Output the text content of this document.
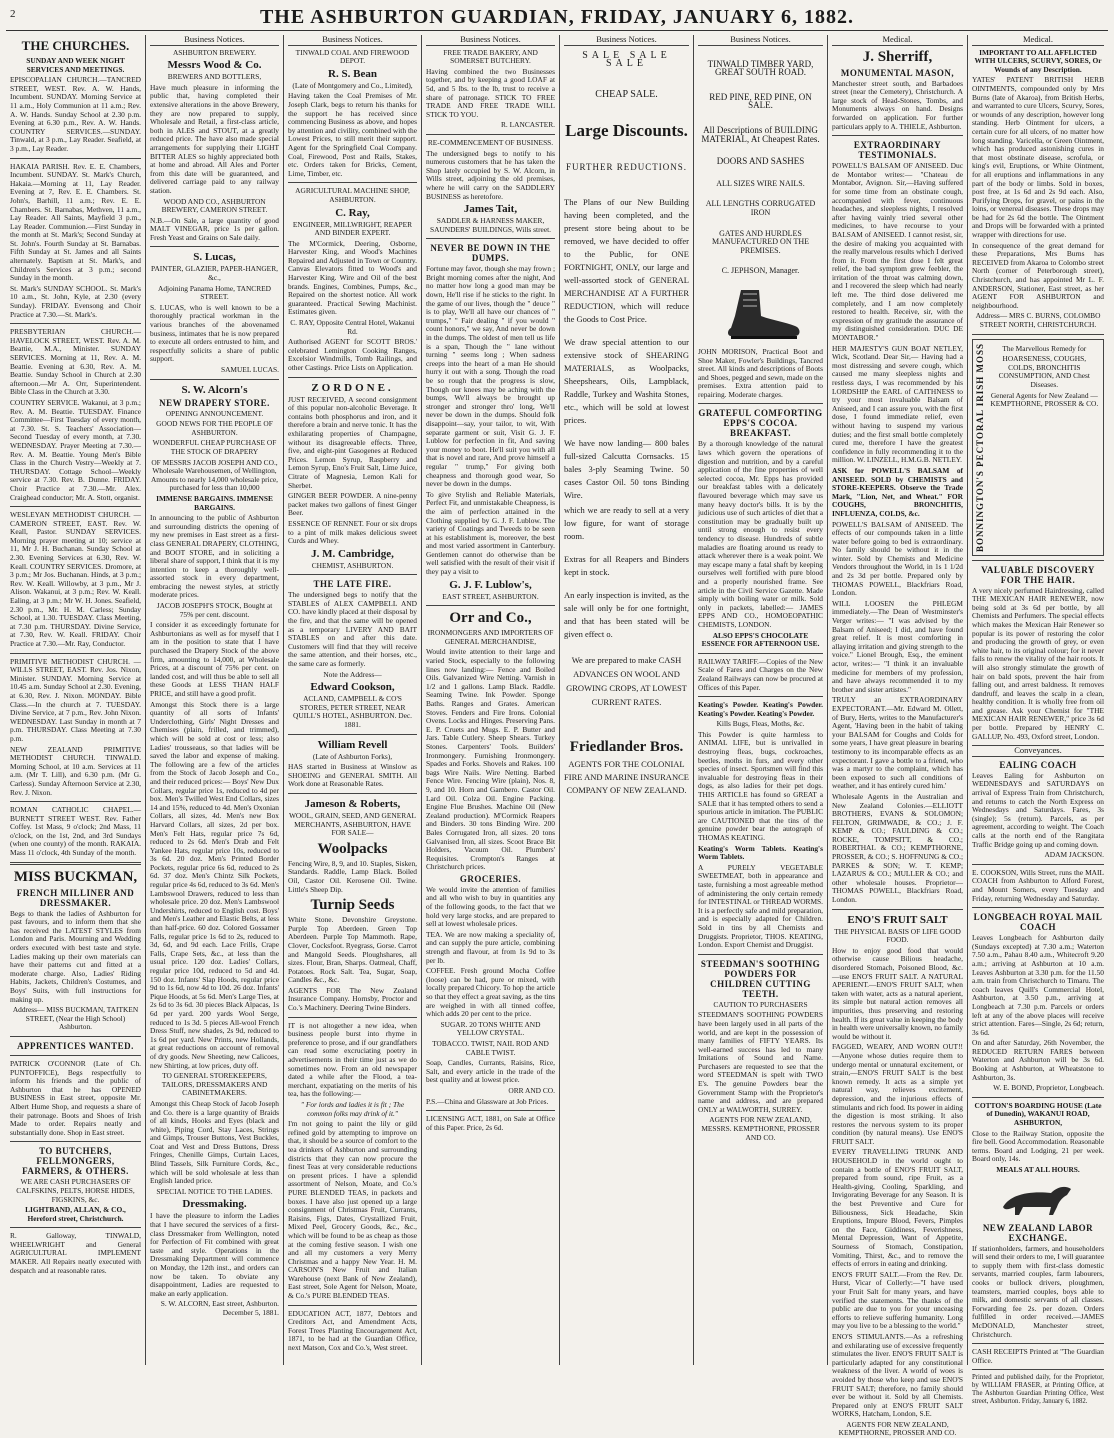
2	THE ASHBURTON GUARDIAN, FRIDAY, JANUARY 6, 1882.
THE CHURCHES.
SUNDAY AND WEEK NIGHT SERVICES AND MEETINGS.
EPISCOPALIAN CHURCH.—TANCRED STREET, WEST. Rev. A. W. Hands, Incumbent. SUNDAY. Morning Service at 11 a.m., Holy Communion at 11 a.m.; Rev. A. W. Hands. Sunday School at 2.30 p.m. Evening at 6.30 p.m., Rev. A. W. Hands. COUNTRY SERVICES.—SUNDAY. Tinwald, at 3 p.m., Lay Reader. Seafield, at 3 p.m., Lay Reader.
HAKAIA PARISH. Rev. E. E. Chambers, Incumbent. SUNDAY. St. Mark's Church, Hakaia.—Morning at 11, Lay Reader. Evening at 7, Rev. E. E. Chambers. St. John's, Barhill, 11 a.m.; Rev. E. E. Chambers. St. Barnabas, Methven, 11 a.m., Lay Reader. All Saints, Mayfield 3 p.m., Lay Reader. Communion.—First Sunday in the month at St. Mark's; Second Sunday at St. John's. Fourth Sunday at St. Barnabas. Fifth Sunday at St. James and all Saints alternately. Baptism at St. Mark's, and Children's Services at 3 p.m.; second Sunday in the month.
St. Mark's SUNDAY SCHOOL. St. Mark's 10 a.m., St. John, Kyle, at 2.30 (every Sunday). FRIDAY. Evensong and Choir Practice at 7.30.—St. Mark's.
PRESBYTERIAN CHURCH.—HAVELOCK STREET, WEST. Rev. A. M. Beattie, M.A., Minister. SUNDAY SERVICES. Morning at 11, Rev. A. M. Beattie. Evening at 6.30, Rev. A. M. Beattie. Sunday School in Church at 2.30 afternoon.—Mr A. Orr, Superintendent. Bible Class in the Church at 3.30.
COUNTRY SERVICE. Wakanui, at 3 p.m.; Rev. A. M. Beattie. TUESDAY. Finance Committee—First Tuesday of every month, at 7.30. St. S. Teachers' Association—Second Tuesday of every month, at 7.30. WEDNESDAY. Prayer Meeting at 7.30.—Rev. A. M. Beattie. Young Men's Bible Class in the Church Vestry—Weekly at 7. THURSDAY. Cottage School—Weekly service at 7.30. Rev. B. Dunne. FRIDAY. Choir Practice at 7.30.—Mr. Alex. Craighead conductor; Mr. A. Stott, organist.
WESLEYAN METHODIST CHURCH. —CAMERON STREET, EAST. Rev. W. Keall, Pastor. SUNDAY SERVICES. Morning prayer meeting at 10; service at 11, Mr J. H. Buchanan. Sunday School at 2.30. Evening Services at 6.30, Rev. W. Keall. COUNTRY SERVICES. Dromore, at 3 p.m.; Mr Jos. Buchanan. Hinds, at 3 p.m.; Rev. W. Keall. Willowby, at 3 p.m., Mr J. Alison. Wakanui, at 3 p.m.; Rev. W. Keall. Ealing, at 3 p.m.; Mr W. H. Jones. Seafield, 2.30 p.m., Mr. H. M. Carless; Sunday School, at 1.30. TUESDAY. Class Meeting, at 7.30 p.m. THURSDAY. Divine Service, at 7.30, Rev. W. Keall. FRIDAY. Choir Practice at 7.30.—Mr. Ray, Conductor.
PRIMITIVE METHODIST CHURCH. —WILLS STREET, EAST. Rev. Jos. Nixon, Minister. SUNDAY. Morning Service at 10.45 a.m. Sunday School at 2.30. Evening, at 6.30, Rev. J. Nixon. MONDAY. Bible Class.—In the church at 7. TUESDAY. Divine Service, at 7 p.m., Rev. John Nixon. WEDNESDAY. Last Sunday in month at 7 p.m. THURSDAY. Class Meeting at 7.30 p.m.
NEW ZEALAND PRIMITIVE METHODIST CHURCH. TINWALD. Morning School, at 10 a.m. Services at 11 a.m. (Mr T. Lill), and 6.30 p.m. (Mr G. Carless). Sunday Afternoon Service at 2.30, Rev. J. Nixon.
ROMAN CATHOLIC CHAPEL.—BURNETT STREET WEST. Rev. Father Coffey. 1st Mass, 9 o'clock; 2nd Mass, 11 o'clock, on the 1st, 2nd, and 3rd Sundays (when one county) of the month. RAKAIA. Mass 11 o'clock, 4th Sunday of the month.
MISS BUCKMAN,
FRENCH MILLINER AND DRESSMAKER.
Begs to thank the ladies of Ashburton for past favours, and to inform them that she has received the LATEST STYLES from London and Paris. Mourning and Wedding orders executed with best taste and style. Ladies making up their own materials can have their patterns cut and fitted at a moderate charge. Also, Ladies' Riding Habits, Jackets, Children's Costumes, and Boys' Suits, with full instructions for making up.
Address— MISS BUCKMAN, TAITKEN STREET, (Near the High School) Ashburton.
APPRENTICES WANTED.
PATRICK O'CONNOR (Late of Ch. PUNTOFFICE), Begs respectfully to inform his friends and the public of Ashburton that he has OPENED BUSINESS in East street, opposite Mr. Albert Hume Shop, and requests a share of their patronage. Boots and Shoes of Irish Made to order. Repairs neatly and substantially done. Shop in East street.
TO BUTCHERS, FELLMONGERS, FARMERS, & OTHERS.
WE ARE CASH PURCHASERS OF CALFSKINS, PELTS, HORSE HIDES, FIGSKINS, &c.
LIGHTBAND, ALLAN, & CO., Hereford street, Christchurch.
R. Galloway, TINWALD, WHEELWRIGHT and General AGRICULTURAL IMPLEMENT MAKER. All Repairs neatly executed with despatch and at reasonable rates.
Business Notices.
ASHBURTON BREWERY.
Messrs Wood & Co.
BREWERS AND BOTTLERS,
Have much pleasure in informing the public that, having completed their extensive alterations in the above Brewery, they are now prepared to supply, Wholesale and Retail, a first-class article, both in ALES and STOUT, at a greatly reduced price. The have also made special arrangements for supplying their LIGHT BITTER ALES so highly appreciated both at home and abroad. All Ales and Porter from this date will be guaranteed, and delivered carriage paid to any railway station.
WOOD AND CO., ASHBURTON BREWERY, CAMERON STREET.
N.B.—On Sale, a large quantity of good MALT VINEGAR, price 1s per gallon. Fresh Yeast and Grains on Sale daily.
S. Lucas,
PAINTER, GLAZIER, PAPER-HANGER, &c.,
Adjoining Panama Home, TANCRED STREET.
S. LUCAS, who is well known to be a thoroughly practical workman in the various branches of the abovenamed business, intimates that he is now prepared to execute all orders entrusted to him, and respectfully solicits a share of public support.
SAMUEL LUCAS.
S. W. Alcorn's
NEW DRAPERY STORE.
OPENING ANNOUNCEMENT.
GOOD NEWS FOR THE PEOPLE OF ASHBURTON.
WONDERFUL CHEAP PURCHASE OF THE STOCK OF DRAPERY
OF MESSRS JACOB JOSEPH AND CO., Wholesale Warehousemen, of Wellington, Amounts to nearly 14,000 wholesale price, purchased for less than 10,000
IMMENSE BARGAINS. IMMENSE BARGAINS.
In announcing to the public of Ashburton and surrounding districts the opening of my new premises in East street as a first-class GENERAL DRAPERY, CLOTHING, and BOOT STORE, and in soliciting a liberal share of support, I think that it is my intention to keep a thoroughly well-assorted stock in every department, embracing the newest styles, at strictly moderate prices.
JACOB JOSEPH'S STOCK, Bought at 75% per cent. discount.
I consider it as exceedingly fortunate for Ashburtonians as well as for myself that I am in the position to state that I have purchased the Drapery Stock of the above firm, amounting to 14,000, at Wholesale Prices, at a discount of 75% per cent. on landed cost, and will thus be able to sell all these Goods at LESS THAN HALF PRICE, and still have a good profit.
Amongst this Stock there is a large quantity of all sorts of Infants' Underclothing, Girls' Night Dresses and Chemises (plain, frilled, and trimmed), which will be sold at cost or less; also Ladies' trousseaus, so that ladies will be saved the labor and expense of making. The following are a few of the articles from the Stock of Jacob Joseph and Co., and their reduced prices:— Boys' New Dux Collars, regular price 1s, reduced to 4d per box. Men's Twilled West End Collars, sizes 14 and 15%, reduced to 4d. Men's Oxonian Collars, all sizes, 4d. Men's new Box Harvard Collars, all sizes, 2d per box. Men's Felt Hats, regular price 7s 6d, reduced to 2s 6d. Men's Drab and Felt Yankee Hats, regular price 10s, reduced to 3s 6d. 20 doz. Men's Printed Border Pockets, regular price 6s 6d, reduced to 2s 6d. 37 doz. Men's Chintz Silk Pockets, regular price 4s 6d, reduced to 3s 6d. Men's Lambswool Drawers, reduced to less than wholesale price. 20 doz. Men's Lambswool Undershirts, reduced to English cost. Boys' and Men's Leather and Elastic Belts, at less than half-price. 60 doz. Colored Gossamer Falls, regular price 1s 6d to 2s, reduced to 3d, 6d, and 9d each. Lace Frills, Crape Falls, Crape Sets, &c., at less than the usual price. 120 doz. Ladies' Collars, regular price 10d, reduced to 5d and 4d. 150 doz. Infants' Slap Hoods, regular price 9d to 1s 6d, now 4d to 10d. 26 doz. Infants' Pique Hoods, at 5s 6d. Men's Large Ties, at 2s 6d to 3s 6d. 30 pieces Black Alpacas, 1s 6d per yard. 200 yards Wool Serge, reduced to 1s 3d. 5 pieces All-wool French Dress Stuff, new shades, 2s 9d, reduced to 1s 6d per yard. New Prints, new Hollands, at great reductions on account of removal of dry goods. New Sheeting, new Calicoes, new Shirting, at low prices, duty off.
TO GENERAL STOREKEEPERS, TAILORS, DRESSMAKERS AND CABINETMAKERS.
Amongst this Cheap Stock of Jacob Joseph and Co. there is a large quantity of Braids of all kinds, Hooks and Eyes (black and white), Piping Cord, Stay Laces, Strings and Gimps, Trouser Buttons, Vest Buckles, Coat and Vest and Dress Buttons, Dress Fringes, Chenille Gimps, Curtain Laces, Blind Tassels, Silk Furniture Cords, &c., which will be sold wholesale at less than English landed price.
SPECIAL NOTICE TO THE LADIES.
Dressmaking.
I have the pleasure to inform the Ladies that I have secured the services of a first-class Dressmaker from Wellington, noted for Perfection of Fit combined with great taste and style. Operations in the Dressmaking Department will commence on Monday, the 12th inst., and orders can now be taken. To obviate any disappointment, Ladies are requested to make an early application.
S. W. ALCORN, East street, Ashburton. December 5, 1881.
Business Notices.
TINWALD COAL AND FIREWOOD DEPOT.
R. S. Bean
(Late of Montgomery and Co., Limited),
Having taken the Coal Premises of Mr. Joseph Clark, begs to return his thanks for the support he has received since commencing Business as above, and hopes by attention and civility, combined with the Lowest Prices, to still merit their support. Agent for the Springfield Coal Company. Coal, Firewood, Post and Rails, Stakes, etc. Orders taken for Bricks, Cement, Lime, Timber, etc.
AGRICULTURAL MACHINE SHOP, ASHBURTON.
C. Ray,
ENGINEER, MILLWRIGHT, REAPER AND BINDER EXPERT.
The M'Cormick, Deering, Osborne, Harvester King, and Wood's Machines Repaired and Adjusted in Town or Country. Canvas Elevators fitted to Wood's and Harvester King. Wire and Oil of the best brands. Engines, Combines, Pumps, &c., Repaired on the shortest notice. All work guaranteed. Practical Sewing Machinist. Estimates given.
C. RAY, Opposite Central Hotel, Wakanui Rd.
Authorised AGENT for SCOTT BROS.' celebrated Lemington Cooking Ranges, Excelsior Windmills, Tomb Railings, and other Castings. Price Lists on Application.
ZORDONE.
JUST RECEIVED, A second consignment of this popular non-alcoholic Beverage. It contains both phosphorus and iron, and it therefore a brain and nerve tonic. It has the exhilarating properties of Champagne, without its disagreeable effects. Three, five, and eight-pint Gasogenes at Reduced Prices. Lemon Syrup, Raspberry and Lemon Syrup, Eno's Fruit Salt, Lime Juice, Citrate of Magnesia, Lemon Kali for Sherbet.
GINGER BEER POWDER. A nine-penny packet makes two gallons of finest Ginger Beer.
ESSENCE OF RENNET. Four or six drops to a pint of milk makes delicious sweet Curds and Whey.
J. M. Cambridge,
CHEMIST, ASHBURTON.
THE LATE FIRE.
The undersigned begs to notify that the STABLES of ALEX CAMPBELL AND CO. have kindly placed at their disposal by the fire, and that the same will be opened as a temporary LIVERY AND BAIT STABLES on and after this date. Customers will find that they will receive the same attention, and their horses, etc., the same care as formerly.
Note the Address—
Edward Cookson,
ACLAND, CAMPBELL & CO'S STORES, PETER STREET, NEAR QUILL'S HOTEL, ASHBURTON. Dec. 1881.
William Revell
(Late of Ashburton Forks),
HAS started in Business at Winslow as SHOEING and GENERAL SMITH. All Work done at Reasonable Rates.
Jameson & Roberts,
WOOL, GRAIN, SEED, AND GENERAL MERCHANTS, ASHBURTON, HAVE FOR SALE—
Woolpacks
Fencing Wire, 8, 9, and 10. Staples, Sisken, Standards. Raddle, Lamp Black. Boiled Oil, Castor Oil. Kerosene Oil. Twine. Little's Sheep Dip.
Turnip Seeds
White Stone. Devonshire Greystone. Purple Top Aberdeen. Green Top Aberdeen. Purple Top Mammoth. Rape, Clover, Cocksfoot. Ryegrass, Gorse. Carrot and Mangold Seeds. Ploughshares, all sizes. Flour, Bran, Sharps. Oatmeal, Chaff, Potatoes. Rock Salt. Tea, Sugar, Soap, Candles &c., &c.
AGENTS FOR The New Zealand Insurance Company. Hornsby, Proctor and Co.'s Machinery. Deering Twine Binders.
IT is not altogether a new idea, when business people burst into rhyme in preference to prose, and if our grandfathers can read some excruciating poetry in advertisements in their time just as we do sometimes now. From an old newspaper dated a while after the Flood, a tea-merchant, expatiating on the merits of his tea, has the following:—
" For lords and ladies it is fit ; The common folks may drink of it."
I'm not going to paint the lily or gild refined gold by attempting to improve on that, it should be a source of comfort to the tea drinkers of Ashburton and surrounding districts that they can now procure the finest Teas at very considerable reductions on present prices. I have a splendid assortment of Nelson, Moate, and Co.'s PURE BLENDED TEAS, in packets and boxes. I have also just opened up a large consignment of Christmas Fruit, Currants, Raisins, Figs, Dates, Crystallized Fruit, Mixed Peel, Grocery Goods, &c., &c., which will be found to be as cheap as those at the coming festive season. I wish one and all my customers a very Merry Christmas and a happy New Year. H. M. CARSON'S New Fruit and Italian Warehouse (next Bank of New Zealand), East street, Sole Agent for Nelson, Moate, & Co.'s PURE BLENDED TEAS.
EDUCATION ACT, 1877, Debtors and Creditors Act, and Amendment Acts, Forest Trees Planting Encouragement Act, 1871, to be had at the Guardian Office, next Matson, Cox and Co.'s, West street.
Business Notices.
FREE TRADE BAKERY, AND SOMERSET BUTCHERY.
Having combined the two Businesses together, and by keeping a good LOAF at 5d, and 5 lbs. to the lb, trust to receive a share of patronage. STICK TO FREE TRADE AND FREE TRADE WILL STICK TO YOU.
R. LANCASTER.
RE-COMMENCEMENT OF BUSINESS.
The undersigned begs to notify to his numerous customers that he has taken the Shop lately occupied by S. W. Alcorn, in Wills street, adjoining the old premises, where he will carry on the SADDLERY BUSINESS as heretofore.
James Tait,
SADDLER & HARNESS MAKER, SAUNDERS' BUILDINGS, Wills street.
NEVER BE DOWN IN THE DUMPS.
Fortune may favor, though she may frown ; Bright morning comes after the night, And no matter how long a good man may be down, He'll rise if he sticks to the right. In the game of our lives, though the " deuce " is to play, We'll all have our chances of " trumps," " Fair dealing " if you would " count honors," we say, And never be down in the dumps. The oldest of men tell us life is a span, Though the " lane without turning " seems long ; When sadness creeps into the heart of a man He should hurry it out with a song. Though the road be so rough that the progress is slow, Though our knees may be aching with the bumps, We'll always be brought up stronger and stronger thro' long, We'll never be down in the dumps. Should folk disappoint—say, your tailor, to wit, With separate garment or suit, Visit G. J. F. Lublow for perfection in fit, And saving your money to boot. He'll suit you with all that is novel and rare, And prove himself a regular " trump," For giving both cheapness and thorough good wear, So never be down in the dumps.
To give Stylish and Reliable Materials, Perfect Fit, and unmistakable Cheapness, is the aim of perfection attained in the Clothing supplied by G. J. F. Lublow. The variety of Coatings and Tweeds to be seen at his establishment is, moreover, the best and most varied assortment in Canterbury. Gentlemen cannot do otherwise than be well satisfied with the result of their visit if they pay a visit to
G. J. F. Lublow's,
EAST STREET, ASHBURTON.
Orr and Co.,
IRONMONGERS AND IMPORTERS OF GENERAL MERCHANDISE,
Would invite attention to their large and varied Stock, especially to the following lines now landing:— Fence and Boiled Oils. Galvanized Wire Netting. Varnish in 1/2 and 1 gallons. Lamp Black. Raddle. Seaming Twine. Ink Powder. Sponge Baths. Ranges and Grates. American Stoves. Fenders and Fire Irons. Colonial Ovens. Locks and Hinges. Preserving Pans. E. P. Cruets and Mugs. E. P. Butter and Jars. Table Cutlery. Sheep Shears. Turkey Stones. Carpenters' Tools. Builders' Ironmongery. Furnishing Ironmongery. Spades and Forks. Shovels and Rakes. 100 bags Wire Nails. Wire Netting. Barbed Fence Wire. Fencing Wire (plain), Nos. 8, 9, and 10. Horn and Gambero. Castor Oil. Lard Oil. Colza Oil. Engine Packing. Engine Flue Brushes. Machine Oil (New Zealand production). M'Cormick Reapers and Binders. 30 tons Binding Wire. 200 Bales Corrugated Iron, all sizes. 20 tons Galvanised Iron, all sizes. Scoot Brace Bit Holders, Vacuum Oil. Plumbers' Requisites. Crompton's Ranges at Christchurch prices.
GROCERIES.
We would invite the attention of families and all who wish to buy in quantities any of the following goods, to the fact that we hold very large stocks, and are prepared to sell at lowest wholesale prices.
TEA. We are now making a speciality of, and can supply the pure article, combining strength and flavour, at from 1s 9d to 3s per lb.
COFFEE. Fresh ground Mocha Coffee (loose) can be had, pure or mixed, with locally prepared Chicory. To hop the article so that they effect a great saving, as the tins are weighed in with all tinned coffee, which adds 20 per cent to the price.
SUGAR. 20 TONS WHITE AND YELLOW CRYSTAL.
TOBACCO. TWIST, NAIL ROD AND CABLE TWIST.
Soap, Candles, Currants, Raisins, Rice, Salt, and every article in the trade of the best quality and at lowest price.
ORR AND CO.
P.S.—China and Glassware at Job Prices.
LICENSING ACT, 1881, on Sale at Office of this Paper. Price, 2s 6d.
Business Notices.
SALE SALE SALE
CHEAP SALE.
Large Discounts.
FURTHER REDUCTIONS.
The Plans of our New Building having been completed, and the present store being about to be removed, we have decided to offer to the Public, for ONE FORTNIGHT, ONLY, our large and well-assorted stock of GENERAL MERCHANDISE AT A FURTHER REDUCTION, which will reduce the Goods to Cost Price.
We draw special attention to our extensive stock of SHEARING MATERIALS, as Woolpacks, Sheepshears, Oils, Lampblack, Raddle, Turkey and Washita Stones, etc., which will be sold at lowest prices.
We have now landing— 800 bales full-sized Calcutta Cornsacks. 15 bales 3-ply Seaming Twine. 50 cases Castor Oil. 50 tons Binding Wire.
which we are ready to sell at a very low figure, for want of storage room.
Extras for all Reapers and Binders kept in stock.
An early inspection is invited, as the sale will only be for one fortnight, and that has been stated will be given effect o.
We are prepared to make CASH ADVANCES ON WOOL AND GROWING CROPS, AT LOWEST CURRENT RATES.
Friedlander Bros.
AGENTS FOR THE COLONIAL FIRE AND MARINE INSURANCE COMPANY OF NEW ZEALAND.
Business Notices.
TINWALD TIMBER YARD, GREAT SOUTH ROAD.
RED PINE, RED PINE, ON SALE.
All Descriptions of BUILDING MATERIAL, At Cheapest Rates.
DOORS AND SASHES
ALL SIZES WIRE NAILS.
ALL LENGTHS CORRUGATED IRON
GATES AND HURDLES MANUFACTURED ON THE PREMISES.
C. JEPHSON, Manager.
JOHN MORISON, Practical Boot and Shoe Maker, Fowler's Buildings, Tancred street. All kinds and descriptions of Boots and Shoes, pegged and sewn, made on the premises. Extra attention paid to repairing. Moderate charges.
GRATEFUL COMFORTING EPPS'S COCOA. BREAKFAST.
By a thorough knowledge of the natural laws which govern the operations of digestion and nutrition, and by a careful application of the fine properties of well selected cocoa, Mr. Epps has provided our breakfast tables with a delicately flavoured beverage which may save us many heavy doctor's bills. It is by the judicious use of such articles of diet that a constitution may be gradually built up until strong enough to resist every tendency to disease. Hundreds of subtle maladies are floating around us ready to attack wherever there is a weak point. We may escape many a fatal shaft by keeping ourselves well fortified with pure blood and a properly nourished frame. See article in the Civil Service Gazette. Made simply with boiling water or milk. Sold only in packets, labelled:— JAMES EPPS AND CO., HOMOEOPATHIC CHEMISTS, LONDON.
ALSO EPPS'S CHOCOLATE ESSENCE FOR AFTERNOON USE.
RAILWAY TARIFF.—Copies of the New Scale of Fares and Charges on the New Zealand Railways can now be procured at Offices of this Paper.
Keating's Powder. Keating's Powder. Keating's Powder. Keating's Powder.
Kills Bugs, Fleas, Moths, &c.
This Powder is quite harmless to ANIMAL LIFE, but is unrivalled in destroying fleas, bugs, cockroaches, beetles, moths in furs, and every other species of insect. Sportsmen will find this invaluable for destroying fleas in their dogs, as also ladies for their pet dogs. THIS ARTICLE has found so GREAT a SALE that it has tempted others to send a spurious article in imitation. The PUBLIC are CAUTIONED that the tins of the genuine powder bear the autograph of THOMAS KEATING.
Keating's Worm Tablets. Keating's Worm Tablets.
A PURELY VEGETABLE SWEETMEAT, both in appearance and taste, furnishing a most agreeable method of administering the only certain remedy for INTESTINAL or THREAD WORMS. It is a perfectly safe and mild preparation, and is especially adapted for Children. Sold in tins by all Chemists and Druggists. Proprietor, THOS. KEATING, London. Export Chemist and Druggist.
STEEDMAN'S SOOTHING POWDERS FOR CHILDREN CUTTING TEETH.
CAUTION TO PURCHASERS
STEEDMAN'S SOOTHING POWDERS have been largely used in all parts of the world, and are kept in the possession of many families of FIFTY YEARS. Its well-earned success has led to many Imitations of Sound and Name. Purchasers are requested to see that the word STEEDMAN is spelt with TWO E's. The genuine Powders bear the Government Stamp with the Proprietor's name and address, and are prepared ONLY at WALWORTH, SURREY.
AGENTS FOR NEW ZEALAND, MESSRS. KEMPTHORNE, PROSSER AND CO.
Medical.
J. Sherriff,
MONUMENTAL MASON,
Manchester street south, and Barbadoes street (near the Cemetery), Christchurch. A large stock of Head-Stones, Tombs, and Monuments always on hand. Designs forwarded on application. For further particulars apply to A. THIELE, Ashburton.
EXTRAORDINARY TESTIMONIALS.
POWELL'S BALSAM OF ANISEED. Duc de Montabor writes:— "Chateau de Montabor, Avignon. Sir,—Having suffered for some time from an obstinate cough, accompanied with fever, continuous headaches, and sleepless nights, I resolved after having vainly tried several other medicines, to have recourse to your BALSAM of ANISEED. I cannot resist, sir, the desire of making you acquainted with the really marvelous results which I derived from it. From the first dose I felt great relief, the bad symptom grew feebler, the irritation of the throat was calming down, and I recovered the sleep which had nearly left me. The third dose delivered me completely, and I am now completely restored to health. Receive, sir, with the expression of my gratitude the assurance of my distinguished consideration. DUC DE MONTABOR."
HER MAJESTY'S GUN BOAT NETLEY, Wick, Scotland. Dear Sir,— Having had a most distressing and severe cough, which caused me many sleepless nights and restless days, I was recommended by his LORDSHIP the EARL of CAITHNESS to try your most invaluable Balsam of Aniseed, and I can assure you, with the first dose, I found immediate relief, even without having to suspend my various duties; and the first small bottle completely cured me, therefore I have the greatest confidence in fully recommending it to the million. W. LINZELL, H.M.G.B. NETLEY.
ASK for POWELL'S BALSAM of ANISEED. SOLD by CHEMISTS and STORE-KEEPERS. Observe the Trade Mark, "Lion, Net, and Wheat." FOR COUGHS, BRONCHITIS, INFLUENZA, COLDS, &c.
POWELL'S BALSAM of ANISEED. The effects of our compounds taken in a little water before going to bed is extraordinary. No family should be without it in the winter. Sold by Chemists and Medicine Vendors throughout the World, in 1s 1 1/2d and 2s 3d per bottle. Prepared only by THOMAS POWELL, Blackfriars Road, London.
WILL LOOSEN the PHLEGM immediately.—The Dean of Westminster's Verger writes:— "I was advised by the Balsam of Aniseed; I did, and have found great relief. It is most comforting in allaying irritation and giving strength to the voice." Lionel Brough, Esq., the eminent actor, writes:— "I think it an invaluable medicine for members of my profession, and have always recommended it to my brother and sister artistes."
TRULY an EXTRAORDINARY EXPECTORANT.—Mr. Edward M. Ollett, of Bury, Herts, writes to the Manufacturer's Agent, 'Having been in the habit of taking your BALSAM for Coughs and Colds for some years, I have great pleasure in bearing testimony to its incomparable effects as an expectorant. I gave a bottle to a friend, who was a martyr to the complaint, which has been exposed to such all conditions of weather, and it has entirely cured him.'
Wholesale Agents in the Australian and New Zealand Colonies.—ELLIOTT BROTHERS, EVANS & SOLOMON; FELTON, GRIMWADE, & CO.; J. F. KEMP & CO.; FAULDING & CO.; ROCKE, TOMPSITT, & CO.; ROBERTHAL & CO.; KEMPTHORNE, PROSSER, & CO.; S. HOFFNUNG & CO.; PARKES & SON; W. T. KEMP; LAZARUS & CO.; MULLER & CO.; and other wholesale houses. Proprietor—THOMAS POWELL, Blackfriars Road, London.
ENO'S FRUIT SALT
THE PHYSICAL BASIS OF LIFE GOOD FOOD.
How to enjoy good food that would otherwise cause Bilious headache, disordered Stomach, Poisoned Blood, &c.—use ENO'S FRUIT SALT. A NATURAL APERIENT.—ENO'S FRUIT SALT, when taken with water, acts as a natural aperient, its simple but natural action removes all impurities, thus preserving and restoring health. If its great value in keeping the body in health were universally known, no family would be without it.
FAGGED, WEARY, AND WORN OUT!!—Anyone whose duties require them to undergo mental or unnatural excitement, or strain,—ENO'S FRUIT SALT is the best known remedy. It acts as a simple yet natural way, relieves excitement, depression, and the injurious effects of stimulants and rich food. Its power in aiding the digestion is most striking. It also restores the nervous system to its proper condition (by natural means). Use ENO'S FRUIT SALT.
EVERY TRAVELLING TRUNK AND HOUSEHOLD in the world ought to contain a bottle of ENO'S FRUIT SALT, prepared from sound, ripe Fruit, as a Health-giving, Cooling, Sparkling, and Invigorating Beverage for any Season. It is the best Preventive and Cure for Biliousness, Sick Headache, Skin Eruptions, Impure Blood, Fevers, Pimples on the Face, Giddiness, Feverishness, Mental Depression, Want of Appetite, Sourness of Stomach, Constipation, Vomiting, Thirst, &c., and to remove the effects of errors in eating and drinking.
ENO'S FRUIT SALT.—From the Rev. Dr. Hurst, Vicar of Collerly:—"I have used your Fruit Salt for many years, and have verified the statements. The thanks of the public are due to you for your unceasing efforts to relieve suffering humanity. Long may you live to be a blessing to the world."
ENO'S STIMULANTS.—As a refreshing and exhilarating use of excessive frequently stimulates the liver. ENO'S FRUIT SALT is particularly adapted for any constitutional weakness of the liver. A world of woes is avoided by those who keep and use ENO'S FRUIT SALT; therefore, no family should ever be without it. Sold by all Chemists. Prepared only at ENO'S FRUIT SALT WORKS, Hatcham, London, S.E.
AGENTS FOR NEW ZEALAND, KEMPTHORNE, PROSSER AND CO.
Medical.
IMPORTANT TO ALL AFFLICTED WITH ULCERS, SCURVY, SORES, Or Wounds of any Description.
YATES' PATENT BRITISH HERB OINTMENTS, compounded only by Mrs Burns (late of Akaroa), from British Herbs, and warranted to cure Ulcers, Scurvy, Sores, or wounds of any description, however long standing. Herb Ointment for ulcers, a certain cure for all ulcers, of no matter how long standing. Varicella, or Green Ointment, which has produced astonishing cures in that most obstinate disease, scrofula, or king's evil, Eruptions, or White Ointment, for all eruptions and inflammations in any part of the body or limbs. Sold in boxes, post free, at 1s 6d and 2s 9d each. Also, Purifying Drops, for gravel, or pains in the loins, or venereal diseases. These drops may be had for 2s 6d the bottle. The Ointment and Drops will be forwarded with a printed wrapper with directions for use.
In consequence of the great demand for these Preparations, Mrs Burns has RECEIVED from Akaroa to Colombo street North (corner of Peterborough street), Christchurch, and has appointed Mr L. F. ANDERSON, Stationer, East street, as her AGENT FOR ASHBURTON and neighbourhood.
Address— MRS C. BURNS, COLOMBO STREET NORTH, CHRISTCHURCH.
BONNINGTON'S PECTORAL IRISH MOSS	The Marvellous Remedy for
HOARSENESS, COUGHS, COLDS, BRONCHITIS CONSUMPTION, AND Chest Diseases.
General Agents for New Zealand — KEMPTHORNE, PROSSER & CO.
VALUABLE DISCOVERY FOR THE HAIR.
A very nicely perfumed Hairdressing, called THE MEXICAN HAIR RENEWER, now being sold at 3s 6d per bottle, by all Chemists and Perfumers. The special effects which makes the Mexican Hair Renewer so popular is its power of restoring the color and producing the growth of grey, or even white hair, to its original colour; for it never fails to renew the vitality of the hair roots. It will also strongly stimulate the growth of hair on bald spots, prevent the hair from falling out, and arrest baldness. It removes dandruff, and leaves the scalp in a clean, healthy condition. It is wholly free from oil and grease. Ask your Chemist for "THE MEXICAN HAIR RENEWER," price 3s 6d per bottle. Prepared by HENRY C. GALLUP, No. 493, Oxford street, London.
Conveyances.
EALING COACH
Leaves Ealing for Ashburton on WEDNESDAYS and SATURDAYS on arrival of Express Train from Christchurch, and returns to catch the North Express on Wednesdays and Saturdays. Fares, 3s (single); 5s (return). Parcels, as per agreement, according to weight. The Coach calls at the north end of the Rangitata Traffic Bridge going up and coming down.
ADAM JACKSON.
E. COOKSON, Wills Street, runs the MAIL COACH from Ashburton to Alford Forest, and Mount Somers, every Tuesday and Friday, returning Wednesday and Saturday.
LONGBEACH ROYAL MAIL COACH
Leaves Longbeach for Ashburton daily (Sundays excepted) at 7.30 a.m.; Waterton 7.50 a.m., Pahau 8.40 a.m., Whitecroft 9.20 a.m.; arriving at Ashburton at 10 a.m. Leaves Ashburton at 3.30 p.m. for the 11.50 a.m. train from Christchurch to Timaru. The coach leaves Quill's Commercial Hotel, Ashburton, at 3.50 p.m., arriving at Longbeach at 7.30 p.m. Parcels or orders left at any of the above places will receive strict attention. Fares—Single, 2s 6d; return, 3s 6d.
On and after Saturday, 26th November, the REDUCED RETURN FARES between Waterton and Ashburton will be 3s 6d. Booking at Ashburton, at Wheatstone to Ashburton, 3s.
W. E. BOND, Proprietor, Longbeach.
COTTON'S BOARDING HOUSE (Late of Dunedin), WAKANUI ROAD, ASHBURTON,
Close to the Railway Station, opposite the fire bell. Good Accommodation. Reasonable terms. Board and Lodging, 21 per week. Board only, 14s.
MEALS AT ALL HOURS.
NEW ZEALAND LABOR EXCHANGE.
If stationholders, farmers, and householders will send their orders to me, I will guarantee to supply them with first-class domestic servants, married couples, farm labourers, cooks or bullock drivers, ploughmen, teamsters, married couples, boys able to milk, and domestic servants of all classes. Forwarding fee 2s. per dozen. Orders fulfilled in order received.—JAMES McDONALD, Manchester street, Christchurch.
CASH RECEIPTS Printed at "The Guardian Office.
Printed and published daily, for the Proprietor, by WILLIAM FRASER, at Printing Office, at The Ashburton Guardian Printing Office, West street, Ashburton. Friday, January 6, 1882.
